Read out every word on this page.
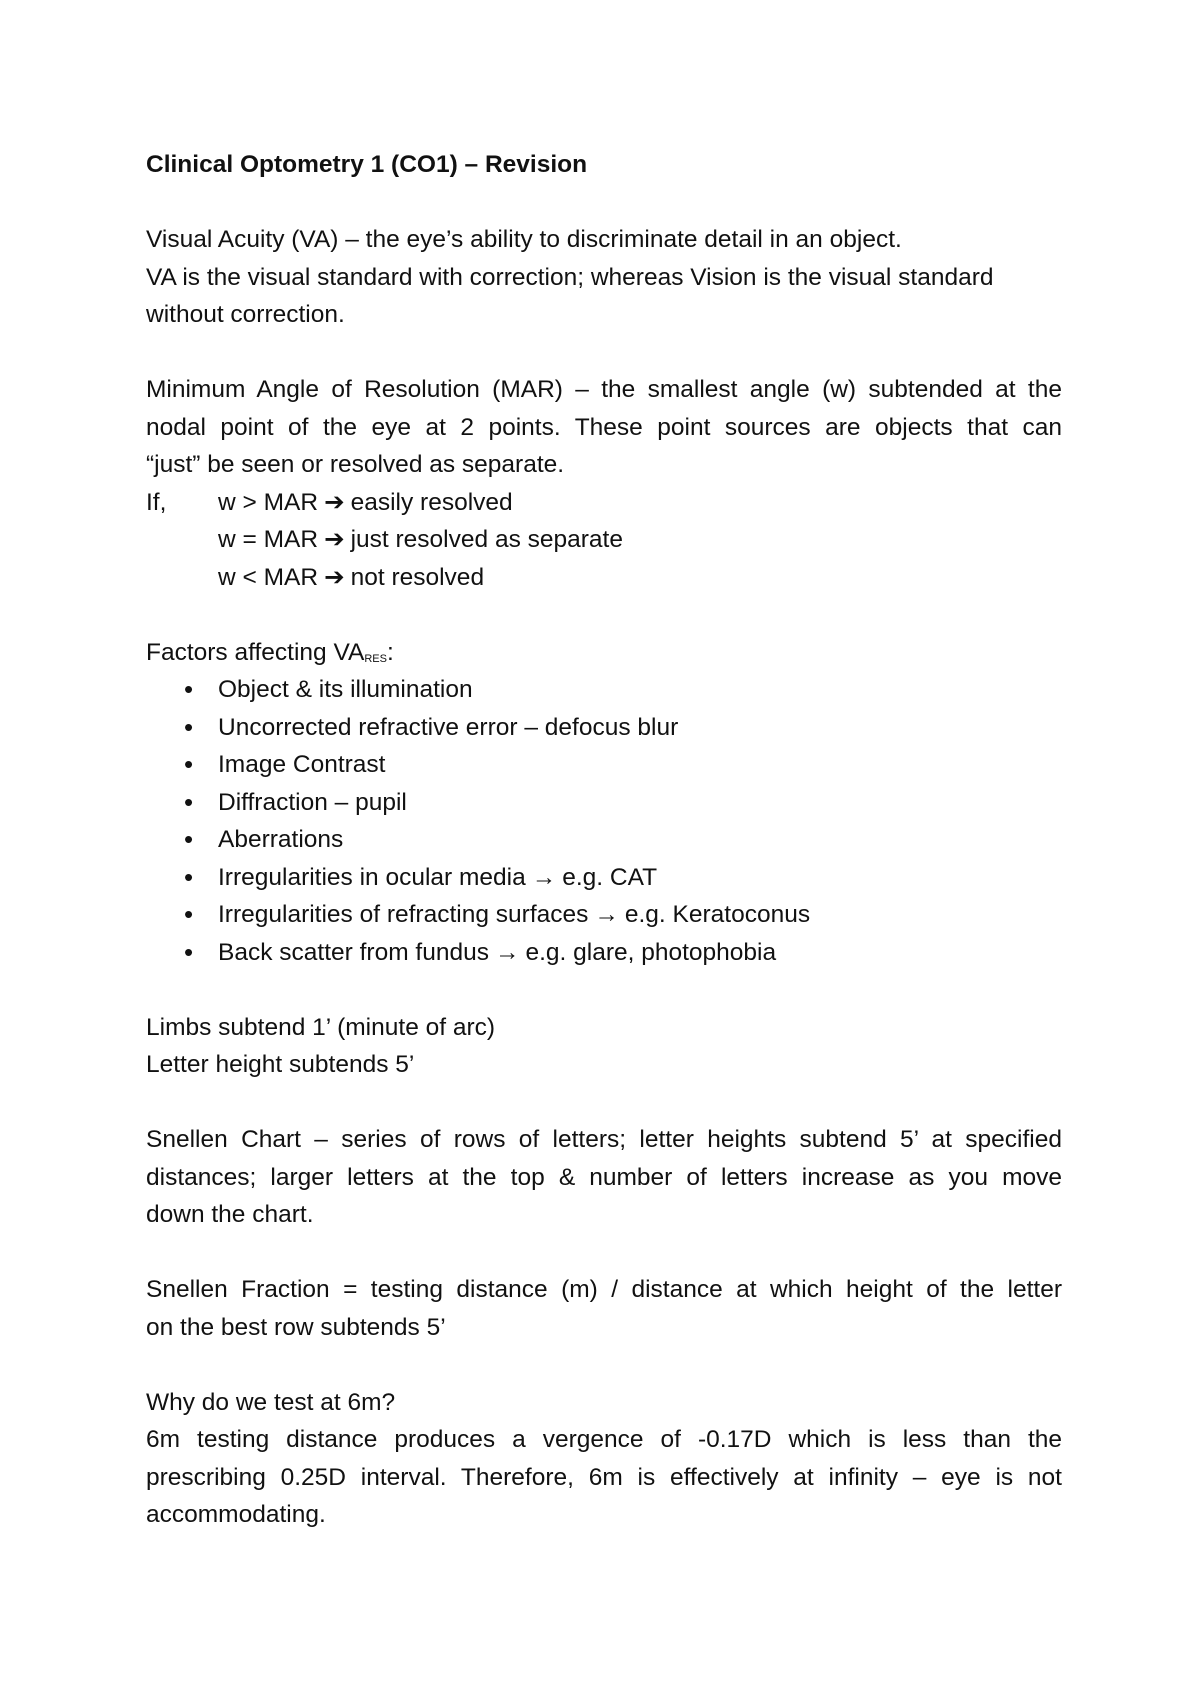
Clinical Optometry 1 (CO1) – Revision

Visual Acuity (VA) – the eye’s ability to discriminate detail in an object.

VA is the visual standard with correction; whereas Vision is the visual standard

without correction.

Minimum Angle of Resolution (MAR) – the smallest angle (w) subtended at the

nodal point of the eye at 2 points. These point sources are objects that can

“just” be seen or resolved as separate.

If,	w > MAR ➔ easily resolved
w = MAR ➔ just resolved as separate
w < MAR ➔ not resolved

Factors affecting $VA_{RES}$:

• Object & its illumination
• Uncorrected refractive error – defocus blur
• Image Contrast
• Diffraction – pupil
• Aberrations
• Irregularities in ocular media → e.g. CAT
• Irregularities of refracting surfaces → e.g. Keratoconus
• Back scatter from fundus → e.g. glare, photophobia

Limbs subtend 1’ (minute of arc)

Letter height subtends 5’

Snellen Chart – series of rows of letters; letter heights subtend 5’ at specified

distances; larger letters at the top & number of letters increase as you move

down the chart.

Snellen Fraction = testing distance (m) / distance at which height of the letter

on the best row subtends 5’

Why do we test at 6m?

6m testing distance produces a vergence of -0.17D which is less than the

prescribing 0.25D interval. Therefore, 6m is effectively at infinity – eye is not

accommodating.
